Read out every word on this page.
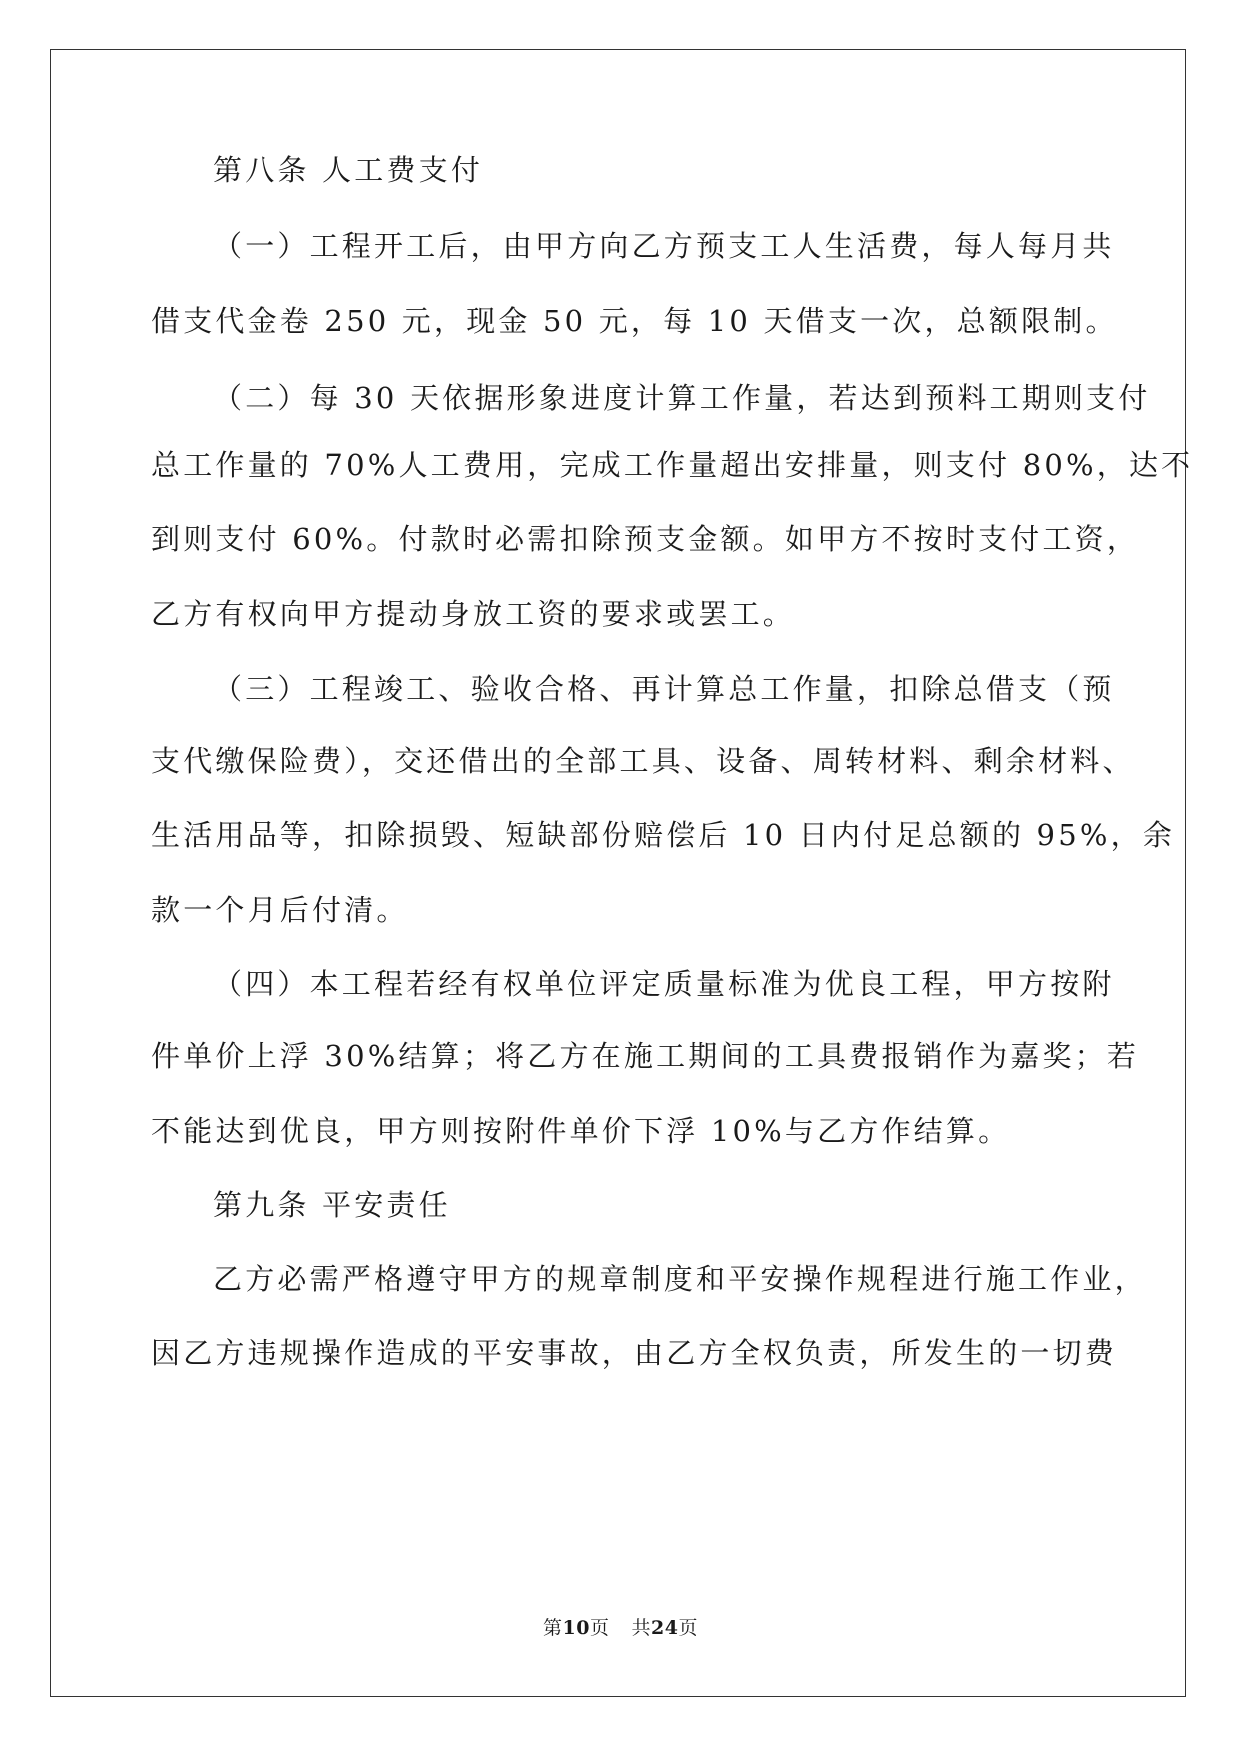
第八条 人工费支付
（一）工程开工后，由甲方向乙方预支工人生活费，每人每月共
借支代金卷 250 元，现金 50 元，每 10 天借支一次，总额限制。
（二）每 30 天依据形象进度计算工作量，若达到预料工期则支付
总工作量的 70%人工费用，完成工作量超出安排量，则支付 80%，达不
到则支付 60%。付款时必需扣除预支金额。如甲方不按时支付工资，
乙方有权向甲方提动身放工资的要求或罢工。
（三）工程竣工、验收合格、再计算总工作量，扣除总借支（预
支代缴保险费），交还借出的全部工具、设备、周转材料、剩余材料、
生活用品等，扣除损毁、短缺部份赔偿后 10 日内付足总额的 95%，余
款一个月后付清。
（四）本工程若经有权单位评定质量标准为优良工程，甲方按附
件单价上浮 30%结算；将乙方在施工期间的工具费报销作为嘉奖；若
不能达到优良，甲方则按附件单价下浮 10%与乙方作结算。
第九条 平安责任
乙方必需严格遵守甲方的规章制度和平安操作规程进行施工作业，
因乙方违规操作造成的平安事故，由乙方全权负责，所发生的一切费
第10页 共24页
